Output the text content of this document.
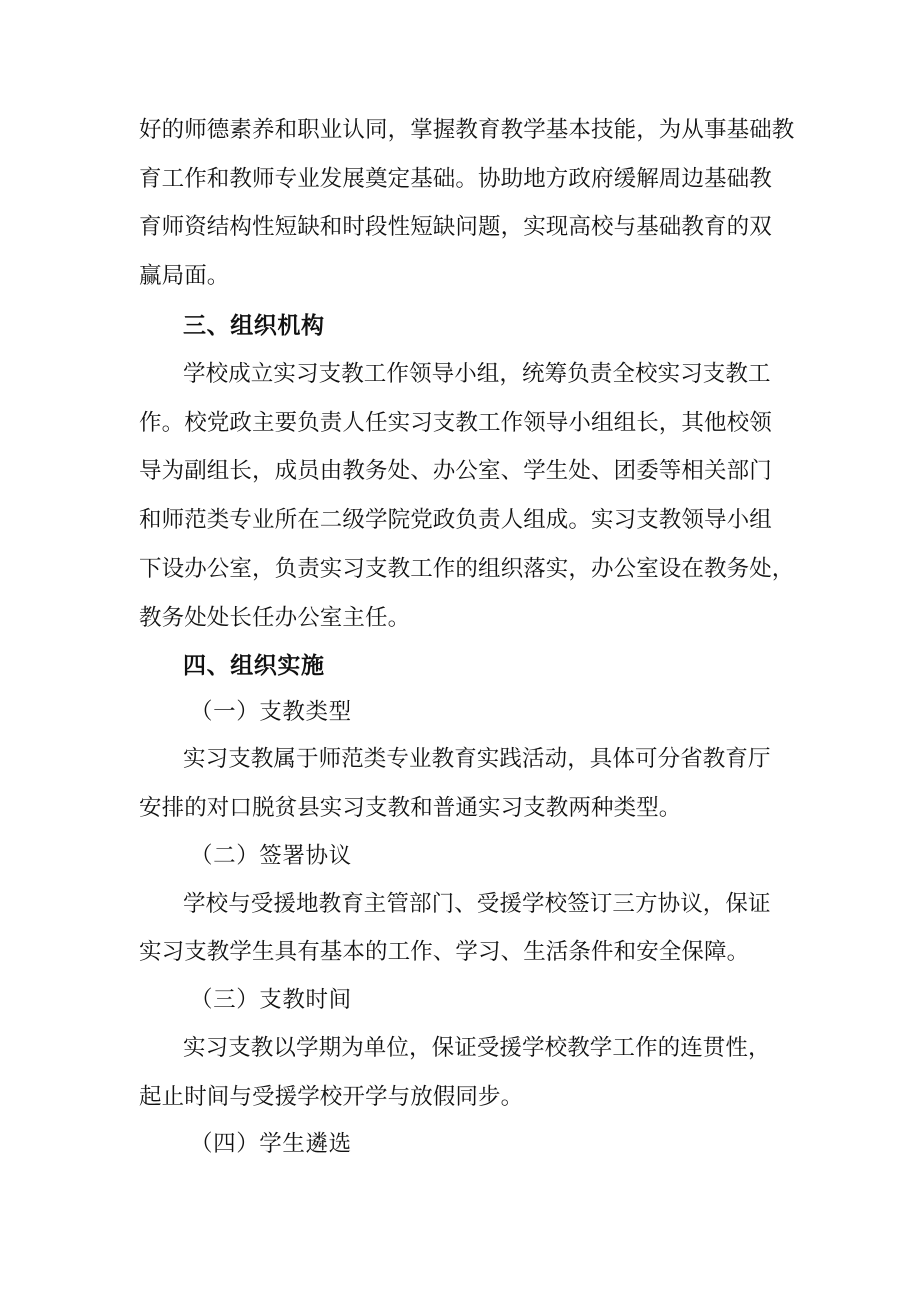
好的师德素养和职业认同，掌握教育教学基本技能，为从事基础教
育工作和教师专业发展奠定基础。协助地方政府缓解周边基础教
育师资结构性短缺和时段性短缺问题，实现高校与基础教育的双
赢局面。
三、组织机构
学校成立实习支教工作领导小组，统筹负责全校实习支教工
作。校党政主要负责人任实习支教工作领导小组组长，其他校领
导为副组长，成员由教务处、办公室、学生处、团委等相关部门
和师范类专业所在二级学院党政负责人组成。实习支教领导小组
下设办公室，负责实习支教工作的组织落实，办公室设在教务处，
教务处处长任办公室主任。
四、组织实施
（一）支教类型
实习支教属于师范类专业教育实践活动，具体可分省教育厅
安排的对口脱贫县实习支教和普通实习支教两种类型。
（二）签署协议
学校与受援地教育主管部门、受援学校签订三方协议，保证
实习支教学生具有基本的工作、学习、生活条件和安全保障。
（三）支教时间
实习支教以学期为单位，保证受援学校教学工作的连贯性，
起止时间与受援学校开学与放假同步。
（四）学生遴选
